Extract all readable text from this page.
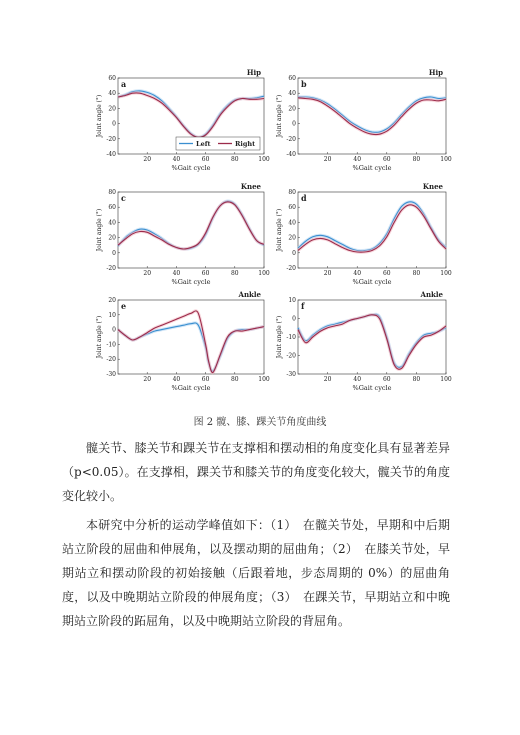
20	40	60	80	100
-40
-20
0
20
40
60
%Gait cycle
Joint angle (°)
Hip
a
Left	Right
20	40	60	80	100
-40
-20
0
20
40
60
%Gait cycle
Joint angle (°)
Hip
b
20	40	60	80	100
-20
0
20
40
60
80
%Gait cycle
Joint angle (°)
Knee
c
20	40	60	80	100
-20
0
20
40
60
80
%Gait cycle
Joint angle (°)
Knee
d
20	40	60	80	100
-30
-20
-10
0
10
20
%Gait cycle
Joint angle (°)
Ankle
e
20	40	60	80	100
-30
-20
-10
0
10
%Gait cycle
Joint angle (°)
Ankle
f
图 2 髋、膝、踝关节角度曲线

髋关节、膝关节和踝关节在支撑相和摆动相的角度变化具有显著差异（p<0.05）。在支撑相，踝关节和膝关节的角度变化较大，髋关节的角度变化较小。

本研究中分析的运动学峰值如下：（1）　在髋关节处，早期和中后期站立阶段的屈曲和伸展角，以及摆动期的屈曲角；（2）　在膝关节处，早期站立和摆动阶段的初始接触（后跟着地，步态周期的 0%）的屈曲角度，以及中晚期站立阶段的伸展角度；（3）　在踝关节，早期站立和中晚期站立阶段的跖屈角，以及中晚期站立阶段的背屈角。
